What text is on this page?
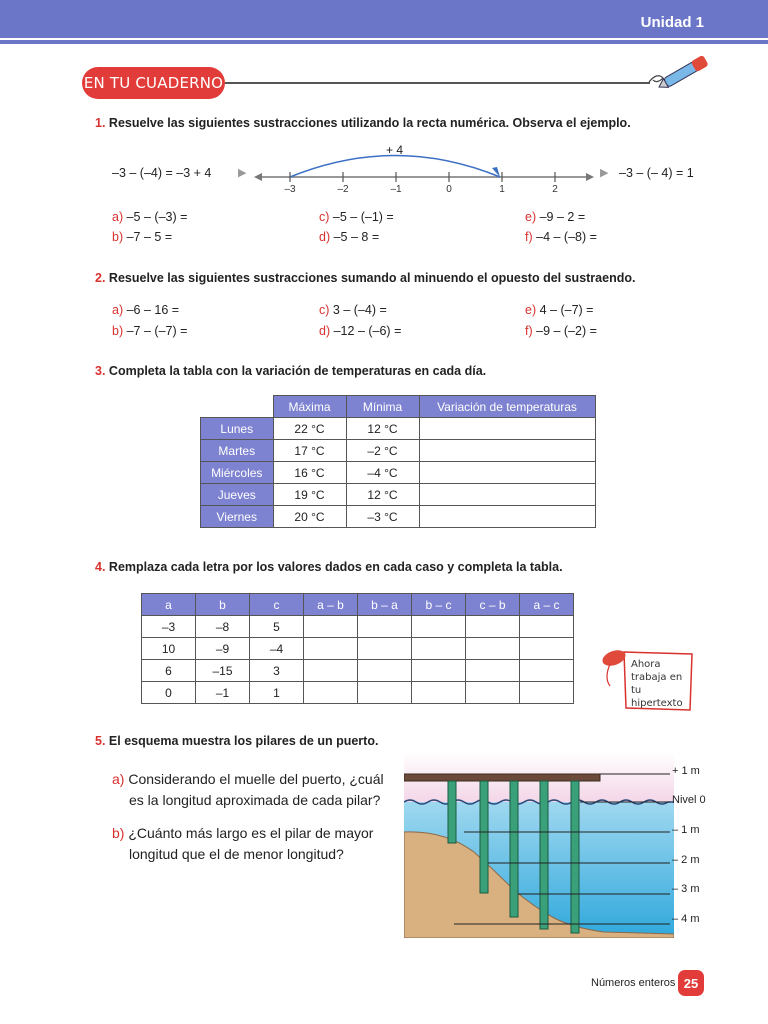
Unidad 1
EN TU CUADERNO
1. Resuelve las siguientes sustracciones utilizando la recta numérica. Observa el ejemplo.
–3 – (–4) = –3 + 4 ▶
+ 4
▶ –3 – (– 4) = 1
a) –5 – (–3) =
b) –7 – 5 =
c) –5 – (–1) =
d) –5 – 8 =
e) –9 – 2 =
f) –4 – (–8) =
2. Resuelve las siguientes sustracciones sumando al minuendo el opuesto del sustraendo.
a) –6 – 16 =
b) –7 – (–7) =
c) 3 – (–4) =
d) –12 – (–6) =
e) 4 – (–7) =
f) –9 – (–2) =
3. Completa la tabla con la variación de temperaturas en cada día.
	Máxima	Mínima	Variación de temperaturas
Lunes	22 °C	12 °C	
Martes	17 °C	–2 °C	
Miércoles	16 °C	–4 °C	
Jueves	19 °C	12 °C	
Viernes	20 °C	–3 °C	
4. Remplaza cada letra por los valores dados en cada caso y completa la tabla.
a	b	c	a – b	b – a	b – c	c – b	a – c
–3	–8	5					
10	–9	–4					
6	–15	3					
0	–1	1					
Ahora
trabaja en
tu hipertexto
5. El esquema muestra los pilares de un puerto.
a) Considerando el muelle del puerto, ¿cuál
es la longitud aproximada de cada pilar?
b) ¿Cuánto más largo es el pilar de mayor
longitud que el de menor longitud?
+ 1 m
Nivel 0
– 1 m
– 2 m
– 3 m
– 4 m
Números enteros 25
–3	–2	–1	0	1	2
